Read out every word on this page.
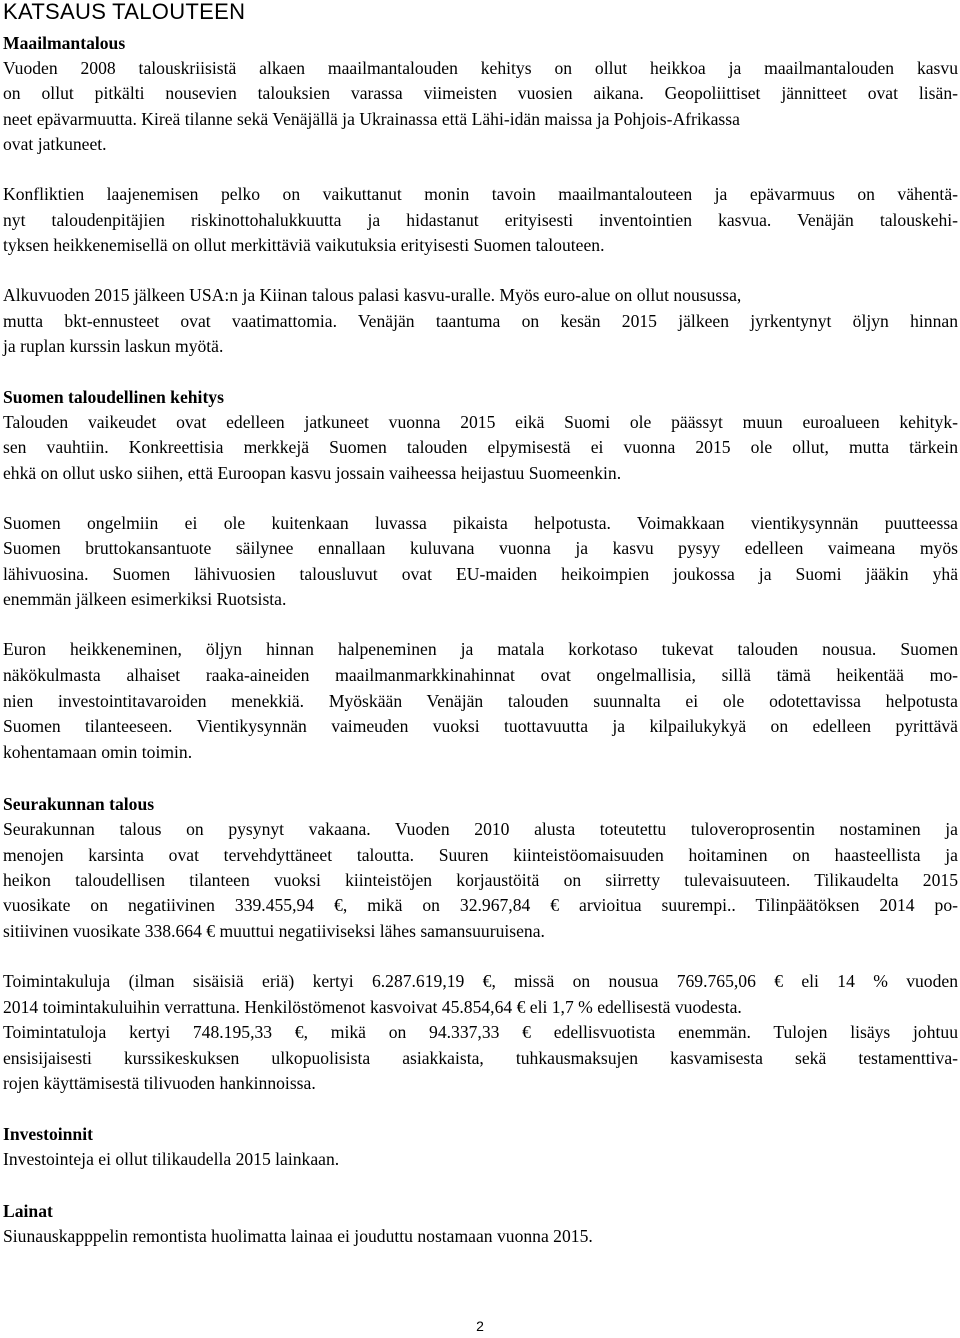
KATSAUS TALOUTEEN

Maailmantalous

Vuoden 2008 talouskriisistä alkaen maailmantalouden kehitys on ollut heikkoa ja maailmantalouden kasvu

on ollut pitkälti nousevien talouksien varassa viimeisten vuosien aikana. Geopoliittiset jännitteet ovat lisän-

neet epävarmuutta. Kireä tilanne sekä Venäjällä ja Ukrainassa että Lähi-idän maissa ja Pohjois-Afrikassa

ovat jatkuneet.

Konfliktien laajenemisen pelko on vaikuttanut monin tavoin maailmantalouteen ja epävarmuus on vähentä-

nyt taloudenpitäjien riskinottohalukkuutta ja hidastanut erityisesti inventointien kasvua. Venäjän talouskehi-

tyksen heikkenemisellä on ollut merkittäviä vaikutuksia erityisesti Suomen talouteen.

Alkuvuoden 2015 jälkeen USA:n ja Kiinan talous palasi kasvu-uralle. Myös euro-alue on ollut nousussa,

mutta bkt-ennusteet ovat vaatimattomia. Venäjän taantuma on kesän 2015 jälkeen jyrkentynyt öljyn hinnan

ja ruplan kurssin laskun myötä.

Suomen taloudellinen kehitys

Talouden vaikeudet ovat edelleen jatkuneet vuonna 2015 eikä Suomi ole päässyt muun euroalueen kehityk-

sen vauhtiin. Konkreettisia merkkejä Suomen talouden elpymisestä ei vuonna 2015 ole ollut, mutta tärkein

ehkä on ollut usko siihen, että Euroopan kasvu jossain vaiheessa heijastuu Suomeenkin.

Suomen ongelmiin ei ole kuitenkaan luvassa pikaista helpotusta. Voimakkaan vientikysynnän puutteessa

Suomen bruttokansantuote säilynee ennallaan kuluvana vuonna ja kasvu pysyy edelleen vaimeana myös

lähivuosina. Suomen lähivuosien talousluvut ovat EU-maiden heikoimpien joukossa ja Suomi jääkin yhä

enemmän jälkeen esimerkiksi Ruotsista.

Euron heikkeneminen, öljyn hinnan halpeneminen ja matala korkotaso tukevat talouden nousua. Suomen

näkökulmasta alhaiset raaka-aineiden maailmanmarkkinahinnat ovat ongelmallisia, sillä tämä heikentää mo-

nien investointitavaroiden menekkiä. Myöskään Venäjän talouden suunnalta ei ole odotettavissa helpotusta

Suomen tilanteeseen. Vientikysynnän vaimeuden vuoksi tuottavuutta ja kilpailukykyä on edelleen pyrittävä

kohentamaan omin toimin.

Seurakunnan talous

Seurakunnan talous on pysynyt vakaana. Vuoden 2010 alusta toteutettu tuloveroprosentin nostaminen ja

menojen karsinta ovat tervehdyttäneet taloutta. Suuren kiinteistöomaisuuden hoitaminen on haasteellista ja

heikon taloudellisen tilanteen vuoksi kiinteistöjen korjaustöitä on siirretty tulevaisuuteen. Tilikaudelta 2015

vuosikate on negatiivinen 339.455,94 €, mikä on 32.967,84 € arvioitua suurempi.. Tilinpäätöksen 2014 po-

sitiivinen vuosikate 338.664 € muuttui negatiiviseksi lähes samansuuruisena.

Toimintakuluja (ilman sisäisiä eriä) kertyi 6.287.619,19 €, missä on nousua 769.765,06 € eli 14 % vuoden

2014 toimintakuluihin verrattuna. Henkilöstömenot kasvoivat 45.854,64 € eli 1,7 % edellisestä vuodesta.

Toimintatuloja kertyi 748.195,33 €, mikä on 94.337,33 € edellisvuotista enemmän. Tulojen lisäys johtuu

ensisijaisesti kurssikeskuksen ulkopuolisista asiakkaista, tuhkausmaksujen kasvamisesta sekä testamenttiva-

rojen käyttämisestä tilivuoden hankinnoissa.

Investoinnit

Investointeja ei ollut tilikaudella 2015 lainkaan.

Lainat

Siunauskapppelin remontista huolimatta lainaa ei jouduttu nostamaan vuonna 2015.

2
